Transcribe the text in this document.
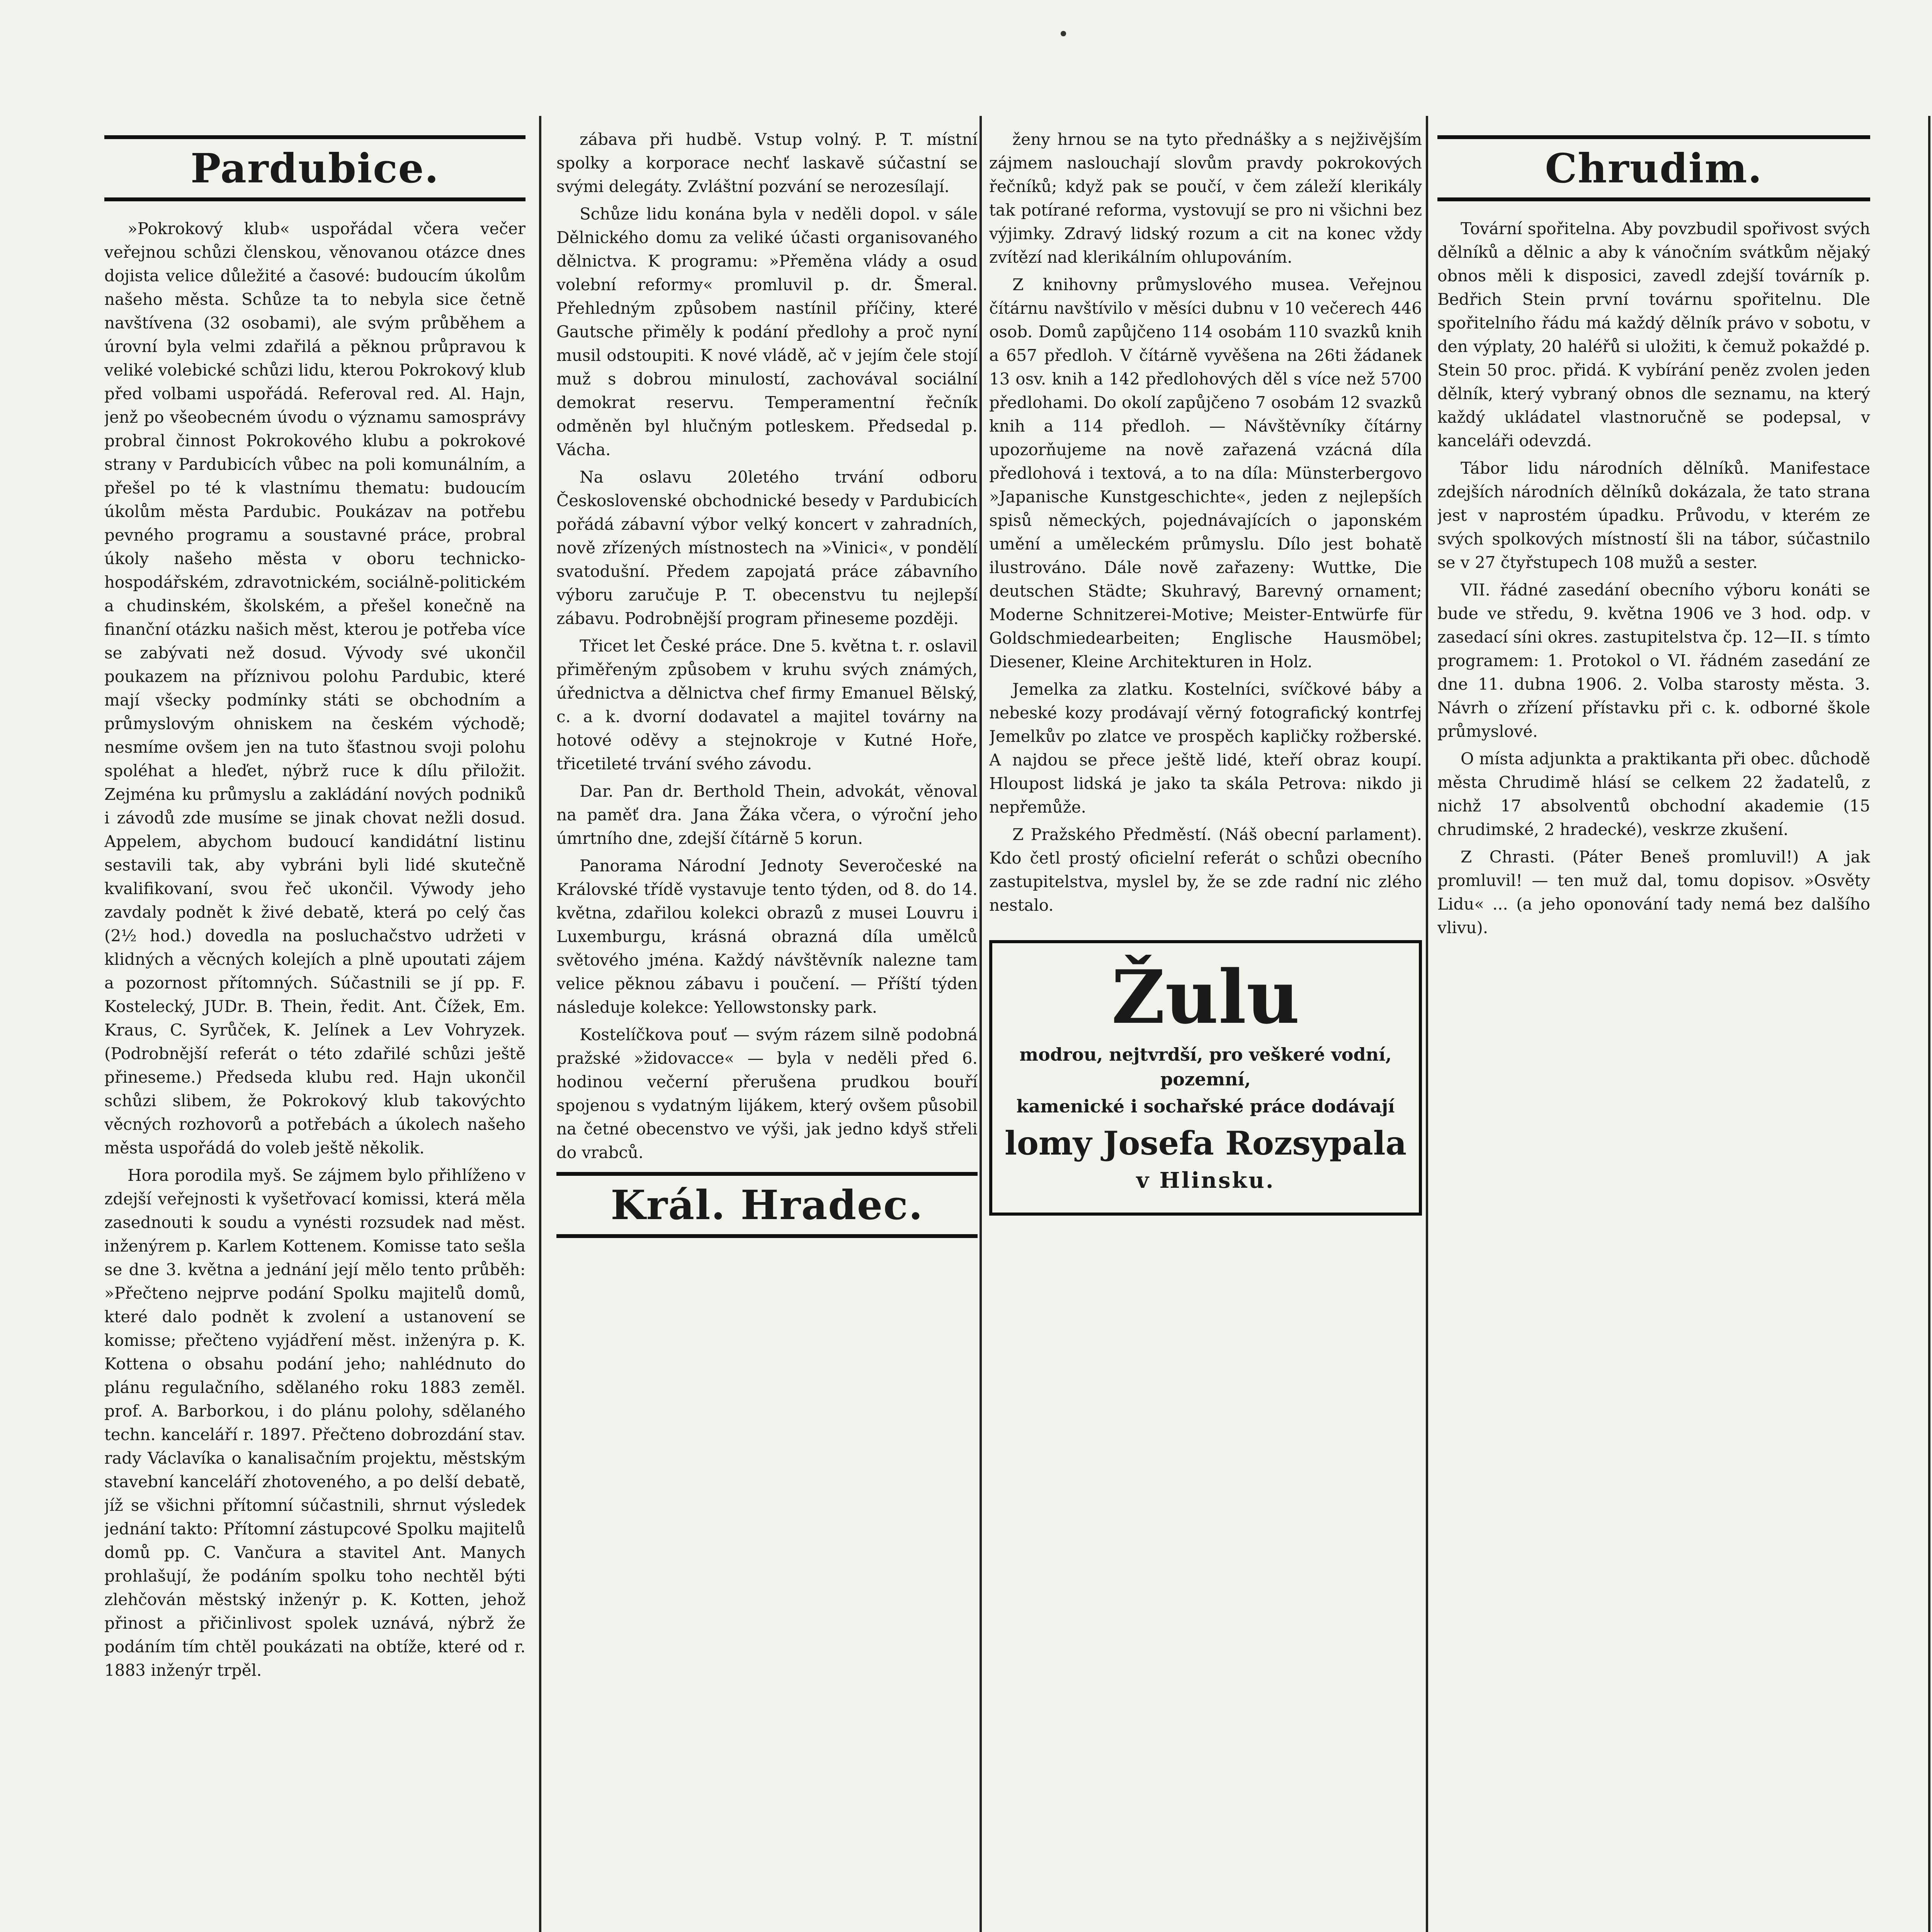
Pardubice.

»Pokrokový klub« uspořádal včera večer veřejnou schůzi členskou, věnovanou otázce dnes dojista velice důležité a časové: budoucím úkolům našeho města. Schůze ta to nebyla sice četně navštívena (32 osobami), ale svým průběhem a úrovní byla velmi zdařilá a pěknou průpravou k veliké volebické schůzi lidu, kterou Pokrokový klub před volbami uspořádá. Referoval red. Al. Hajn, jenž po všeobecném úvodu o významu samosprávy probral činnost Pokrokového klubu a pokrokové strany v Pardubicích vůbec na poli komunálním, a přešel po té k vlastnímu thematu: budoucím úkolům města Pardubic. Poukázav na potřebu pevného programu a soustavné práce, probral úkoly našeho města v oboru technicko-hospodářském, zdravotnickém, sociálně-politickém a chudinském, školském, a přešel konečně na finanční otázku našich měst, kterou je potřeba více se zabývati než dosud. Vývody své ukončil poukazem na příznivou polohu Pardubic, které mají všecky podmínky státi se obchodním a průmyslovým ohniskem na českém východě; nesmíme ovšem jen na tuto šťastnou svoji polohu spoléhat a hleďet, nýbrž ruce k dílu přiložit. Zejména ku průmyslu a zakládání nových podniků i závodů zde musíme se jinak chovat nežli dosud. Appelem, abychom budoucí kandidátní listinu sestavili tak, aby vybráni byli lidé skutečně kvalifikovaní, svou řeč ukončil. Výwody jeho zavdaly podnět k živé debatě, která po celý čas (2½ hod.) dovedla na posluchačstvo udržeti v klidných a věcných kolejích a plně upoutati zájem a pozornost přítomných. Súčastnili se jí pp. F. Kostelecký, JUDr. B. Thein, ředit. Ant. Čížek, Em. Kraus, C. Syrůček, K. Jelínek a Lev Vohryzek. (Podrobnější referát o této zdařilé schůzi ještě přineseme.) Předseda klubu red. Hajn ukončil schůzi slibem, že Pokrokový klub takovýchto věcných rozhovorů a potřebách a úkolech našeho města uspořádá do voleb ještě několik.

Hora porodila myš. Se zájmem bylo přihlíženo v zdejší veřejnosti k vyšetřovací komissi, která měla zasednouti k soudu a vynésti rozsudek nad měst. inženýrem p. Karlem Kottenem. Komisse tato sešla se dne 3. května a jednání její mělo tento průběh: »Přečteno nejprve podání Spolku majitelů domů, které dalo podnět k zvolení a ustanovení se komisse; přečteno vyjádření měst. inženýra p. K. Kottena o obsahu podání jeho; nahlédnuto do plánu regulačního, sdělaného roku 1883 zeměl. prof. A. Barborkou, i do plánu polohy, sdělaného techn. kanceláří r. 1897. Přečteno dobrozdání stav. rady Václavíka o kanalisačním projektu, městským stavební kanceláří zhotoveného, a po delší debatě, jíž se všichni přítomní súčastnili, shrnut výsledek jednání takto: Přítomní zástupcové Spolku majitelů domů pp. C. Vančura a stavitel Ant. Manych prohlašují, že podáním spolku toho nechtěl býti zlehčován městský inženýr p. K. Kotten, jehož přinost a přičinlivost spolek uznává, nýbrž že podáním tím chtěl poukázati na obtíže, které od r. 1883 inženýr trpěl.

zábava při hudbě. Vstup volný. P. T. místní spolky a korporace nechť laskavě súčastní se svými delegáty. Zvláštní pozvání se nerozesílají.

Schůze lidu konána byla v neděli dopol. v sále Dělnického domu za veliké účasti organisovaného dělnictva. K programu: »Přeměna vlády a osud volební reformy« promluvil p. dr. Šmeral. Přehledným způsobem nastínil příčiny, které Gautsche přiměly k podání předlohy a proč nyní musil odstoupiti. K nové vládě, ač v jejím čele stojí muž s dobrou minulostí, zachovával sociální demokrat reservu. Temperamentní řečník odměněn byl hlučným potleskem. Předsedal p. Vácha.

Na oslavu 20letého trvání odboru Československé obchodnické besedy v Pardubicích pořádá zábavní výbor velký koncert v zahradních, nově zřízených místnostech na »Vinici«, v pondělí svatodušní. Předem zapojatá práce zábavního výboru zaručuje P. T. obecenstvu tu nejlepší zábavu. Podrobnější program přineseme později.

Třicet let České práce. Dne 5. května t. r. oslavil přiměřeným způsobem v kruhu svých známých, úřednictva a dělnictva chef firmy Emanuel Bělský, c. a k. dvorní dodavatel a majitel továrny na hotové oděvy a stejnokroje v Kutné Hoře, třicetileté trvání svého závodu.

Dar. Pan dr. Berthold Thein, advokát, věnoval na paměť dra. Jana Žáka včera, o výroční jeho úmrtního dne, zdejší čítárně 5 korun.

Panorama Národní Jednoty Severočeské na Královské třídě vystavuje tento týden, od 8. do 14. května, zdařilou kolekci obrazů z musei Louvru i Luxemburgu, krásná obrazná díla umělců světového jména. Každý návštěvník nalezne tam velice pěknou zábavu i poučení. — Příští týden následuje kolekce: Yellowstonsky park.

Kostelíčkova pouť — svým rázem silně podobná pražské »židovacce« — byla v neděli před 6. hodinou večerní přerušena prudkou bouří spojenou s vydatným lijákem, který ovšem působil na četné obecenstvo ve výši, jak jedno kdyš střeli do vrabců.

Král. Hradec.

ženy hrnou se na tyto přednášky a s nejživějším zájmem naslouchají slovům pravdy pokrokových řečníků; když pak se poučí, v čem záleží klerikály tak potírané reforma, vystovují se pro ni všichni bez výjimky. Zdravý lidský rozum a cit na konec vždy zvítězí nad klerikálním ohlupováním.

Z knihovny průmyslového musea. Veřejnou čítárnu navštívilo v měsíci dubnu v 10 večerech 446 osob. Domů zapůjčeno 114 osobám 110 svazků knih a 657 předloh. V čítárně vyvěšena na 26ti žádanek 13 osv. knih a 142 předlohových děl s více než 5700 předlohami. Do okolí zapůjčeno 7 osobám 12 svazků knih a 114 předloh. — Návštěvníky čítárny upozorňujeme na nově zařazená vzácná díla předlohová i textová, a to na díla: Münsterbergovo »Japanische Kunstgeschichte«, jeden z nejlepších spisů německých, pojednávajících o japonském umění a uměleckém průmyslu. Dílo jest bohatě ilustrováno. Dále nově zařazeny: Wuttke, Die deutschen Städte; Skuhravý, Barevný ornament; Moderne Schnitzerei-Motive; Meister-Entwürfe für Goldschmiedearbeiten; Englische Hausmöbel; Diesener, Kleine Architekturen in Holz.

Jemelka za zlatku. Kostelníci, svíčkové báby a nebeské kozy prodávají věrný fotografický kontrfej Jemelkův po zlatce ve prospěch kapličky rožberské. A najdou se přece ještě lidé, kteří obraz koupí. Hloupost lidská je jako ta skála Petrova: nikdo ji nepřemůže.

Z Pražského Předměstí. (Náš obecní parlament). Kdo četl prostý oficielní referát o schůzi obecního zastupitelstva, myslel by, že se zde radní nic zlého nestalo.

Žulu

modrou, nejtvrdší, pro veškeré vodní, pozemní,

kamenické i sochařské práce dodávají

lomy Josefa Rozsypala

v Hlinsku.

Chrudim.

Tovární spořitelna. Aby povzbudil spořivost svých dělníků a dělnic a aby k vánočním svátkům nějaký obnos měli k disposici, zavedl zdejší továrník p. Bedřich Stein první továrnu spořitelnu. Dle spořitelního řádu má každý dělník právo v sobotu, v den výplaty, 20 haléřů si uložiti, k čemuž pokaždé p. Stein 50 proc. přidá. K vybírání peněz zvolen jeden dělník, který vybraný obnos dle seznamu, na který každý ukládatel vlastnoručně se podepsal, v kanceláři odevzdá.

Tábor lidu národních dělníků. Manifestace zdejších národních dělníků dokázala, že tato strana jest v naprostém úpadku. Průvodu, v kterém ze svých spolkových místností šli na tábor, súčastnilo se v 27 čtyřstupech 108 mužů a sester.

VII. řádné zasedání obecního výboru konáti se bude ve středu, 9. května 1906 ve 3 hod. odp. v zasedací síni okres. zastupitelstva čp. 12—II. s tímto programem: 1. Protokol o VI. řádném zasedání ze dne 11. dubna 1906. 2. Volba starosty města. 3. Návrh o zřízení přístavku při c. k. odborné škole průmyslové.

O místa adjunkta a praktikanta při obec. důchodě města Chrudimě hlásí se celkem 22 žadatelů, z nichž 17 absolventů obchodní akademie (15 chrudimské, 2 hradecké), veskrze zkušení.

Z Chrasti. (Páter Beneš promluvil!) A jak promluvil! — ten muž dal, tomu dopisov. »Osvěty Lidu« ... (a jeho oponování tady nemá bez dalšího vlivu).
